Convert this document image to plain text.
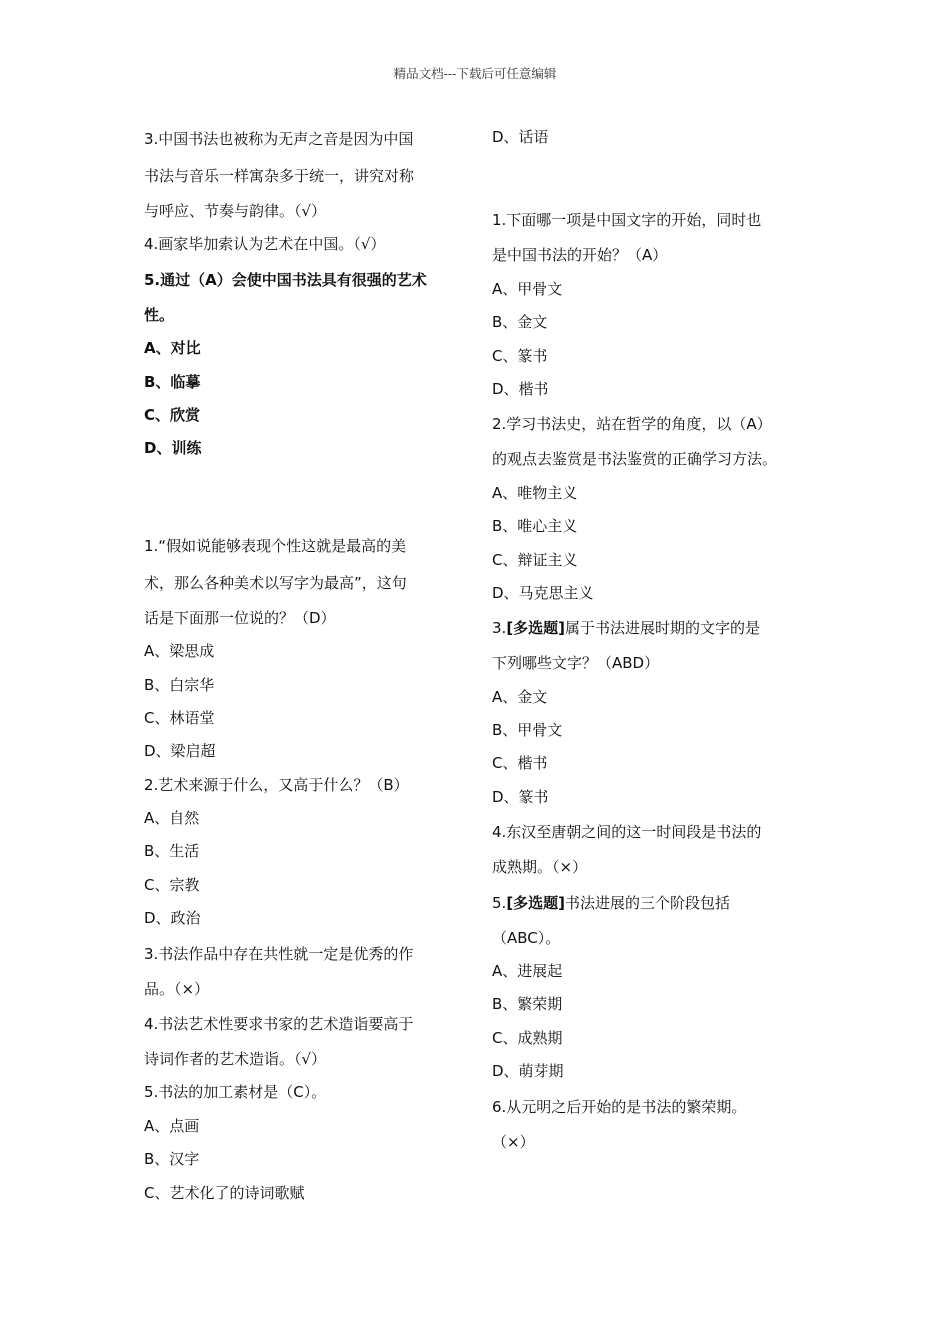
精品文档---下载后可任意编辑
3.中国书法也被称为无声之音是因为中国
书法与音乐一样寓杂多于统一，讲究对称
与呼应、节奏与韵律。（√）
4.画家毕加索认为艺术在中国。（√）
5.通过（A）会使中国书法具有很强的艺术
性。
A、对比
B、临摹
C、欣赏
D、训练
1.“假如说能够表现个性这就是最高的美
术，那么各种美术以写字为最高”，这句
话是下面那一位说的？（D）
A、梁思成
B、白宗华
C、林语堂
D、梁启超
2.艺术来源于什么，又高于什么？（B）
A、自然
B、生活
C、宗教
D、政治
3.书法作品中存在共性就一定是优秀的作
品。（×）
4.书法艺术性要求书家的艺术造诣要高于
诗词作者的艺术造诣。（√）
5.书法的加工素材是（C）。
A、点画
B、汉字
C、艺术化了的诗词歌赋
D、话语
1.下面哪一项是中国文字的开始，同时也
是中国书法的开始？（A）
A、甲骨文
B、金文
C、篆书
D、楷书
2.学习书法史，站在哲学的角度，以（A）
的观点去鉴赏是书法鉴赏的正确学习方法。
A、唯物主义
B、唯心主义
C、辩证主义
D、马克思主义
3.[多选题]属于书法进展时期的文字的是
下列哪些文字？（ABD）
A、金文
B、甲骨文
C、楷书
D、篆书
4.东汉至唐朝之间的这一时间段是书法的
成熟期。（×）
5.[多选题]书法进展的三个阶段包括
（ABC）。
A、进展起
B、繁荣期
C、成熟期
D、萌芽期
6.从元明之后开始的是书法的繁荣期。
（×）
